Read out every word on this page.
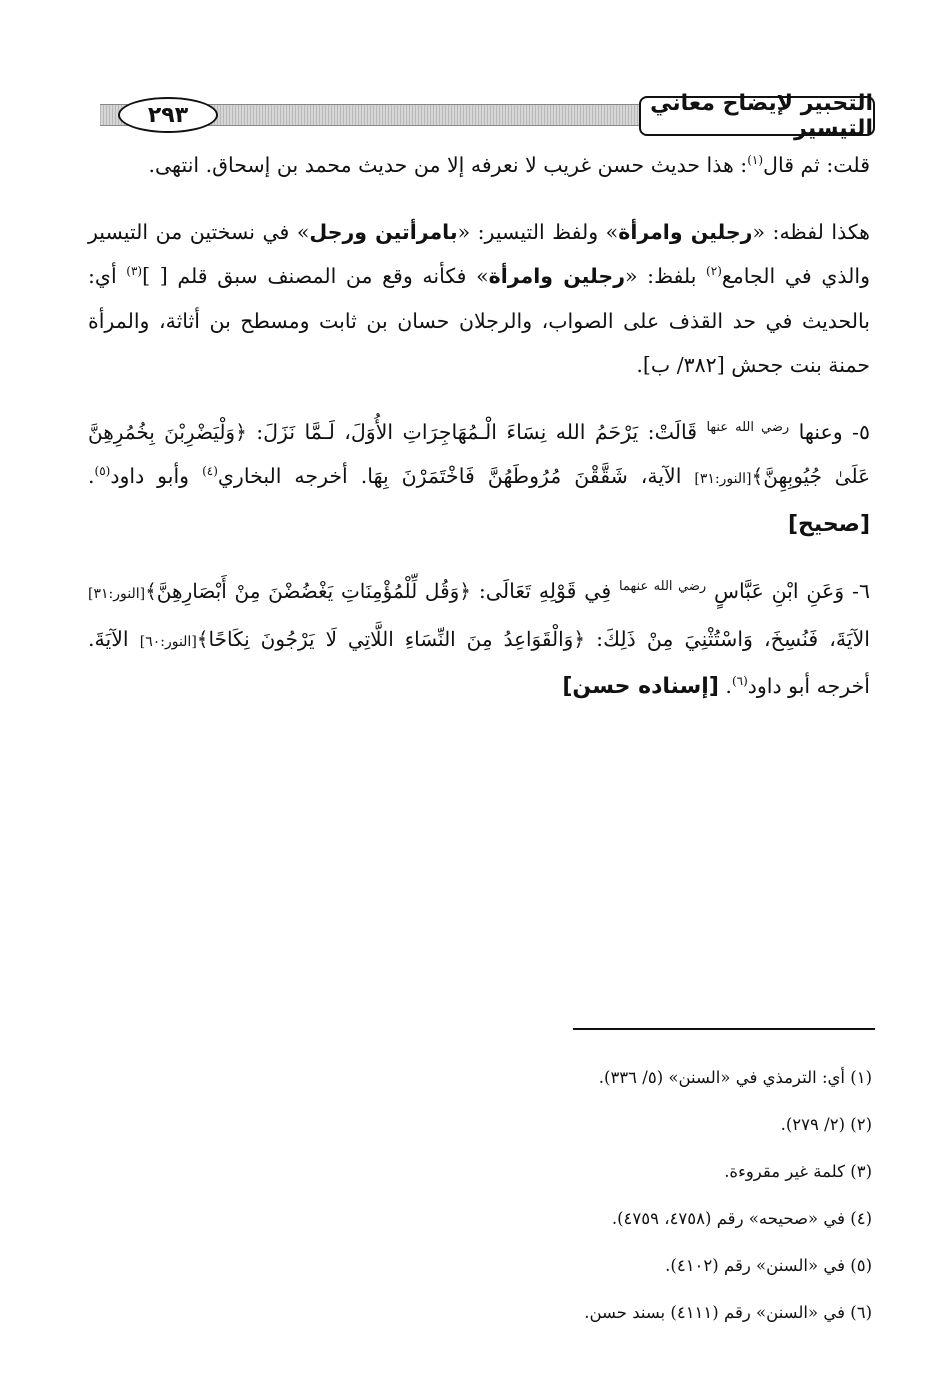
التحبير لإيضاح معاني التيسير
٢٩٣

قلت: ثم قال$^{(١)}$: هذا حديث حسن غريب لا نعرفه إلا من حديث محمد بن إسحاق. انتهى.

هكذا لفظه: «رجلين وامرأة» ولفظ التيسير: «بامرأتين ورجل» في نسختين من التيسير والذي في الجامع$^{(٢)}$ بلفظ: «رجلين وامرأة» فكأنه وقع من المصنف سبق قلم [ ]$^{(٣)}$ أي: بالحديث في حد القذف على الصواب، والرجلان حسان بن ثابت ومسطح بن أثاثة، والمرأة حمنة بنت جحش [٣٨٢/ ب].

٥- وعنها $^{رضي الله عنها}$ قَالَتْ: يَرْحَمُ الله نِسَاءَ الْـمُهَاجِرَاتِ الأُوَلَ، لَـمَّا نَزَلَ: ﴿وَلْيَضْرِبْنَ بِخُمُرِهِنَّ عَلَىٰ جُيُوبِهِنَّ﴾[النور:٣١] الآية، شَقَّقْنَ مُرُوطَهُنَّ فَاخْتَمَرْنَ بِهَا. أخرجه البخاري$^{(٤)}$ وأبو داود$^{(٥)}$. [صحيح]

٦- وَعَنِ ابْنِ عَبَّاسٍ $^{رضي الله عنهما}$ فِي قَوْلِهِ تَعَالَى: ﴿وَقُل لِّلْمُؤْمِنَاتِ يَغْضُضْنَ مِنْ أَبْصَارِهِنَّ﴾[النور:٣١] الآيَةَ، فَنُسِخَ، وَاسْتُثْنِيَ مِنْ ذَلِكَ: ﴿وَالْقَوَاعِدُ مِنَ النِّسَاءِ اللَّاتِي لَا يَرْجُونَ نِكَاحًا﴾[النور:٦٠] الآيَةَ. أخرجه أبو داود$^{(٦)}$. [إسناده حسن]

(١) أي: الترمذي في «السنن» (٥/ ٣٣٦).
(٢) (٢/ ٢٧٩).
(٣) كلمة غير مقروءة.
(٤) في «صحيحه» رقم (٤٧٥٨، ٤٧٥٩).
(٥) في «السنن» رقم (٤١٠٢).
(٦) في «السنن» رقم (٤١١١) بسند حسن.
